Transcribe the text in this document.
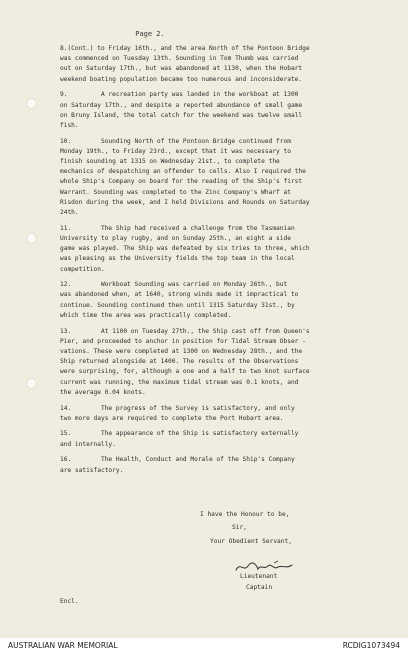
Page 2.
8.(Cont.) to Friday 16th., and the area North of the Pontoon Bridge
was commenced on Tuesday 13th. Sounding in Tom Thumb was carried
out on Saturday 17th., but was abandoned at 1130, when the Hobart
weekend boating population became too numerous and inconsiderate.
9.         A recreation party was landed in the workboat at 1300
on Saturday 17th., and despite a reported abundance of small game
on Bruny Island, the total catch for the weekend was twelve small
fish.
10.        Sounding North of the Pontoon Bridge continued from
Monday 19th., to Friday 23rd., except that it was necessary to
finish sounding at 1315 on Wednesday 21st., to complete the
mechanics of despatching an offender to cells. Also I required the
whole Ship's Company on board for the reading of the Ship's first
Warrant. Sounding was completed to the Zinc Company's Wharf at
Risdon during the week, and I held Divisions and Rounds on Saturday
24th.
11.        The Ship had received a challenge from the Tasmanian
University to play rugby, and on Sunday 25th., an eight a side
game was played. The Ship was defeated by six tries to three, which
was pleasing as the University fields the top team in the local
competition.
12.        Workboat Sounding was carried on Monday 26th., but
was abandoned when, at 1640, strong winds made it impractical to
continue. Sounding continued then until 1315 Saturday 31st., by
which time the area was practically completed.
13.        At 1100 on Tuesday 27th., the Ship cast off from Queen's
Pier, and proceeded to anchor in position for Tidal Stream Obser -
vations. These were completed at 1300 on Wednesday 28th., and the
Ship returned alongside at 1400. The results of the Observations
were surprising, for, although a one and a half to two knot surface
current was running, the maximum tidal stream was 0.1 knots, and
the average 0.04 knots.
14.        The progress of the Survey is satisfactory, and only
two more days are required to complete the Port Hobart area.
15.        The appearance of the Ship is satisfactory externally
and internally.
16.        The Health, Conduct and Morale of the Ship's Company
are satisfactory.
I have the Honour to be,
Sir,
Your Obedient Servant,
Lieutenant
Captain
Encl.
AUSTRALIAN WAR MEMORIAL	RCDIG1073494
